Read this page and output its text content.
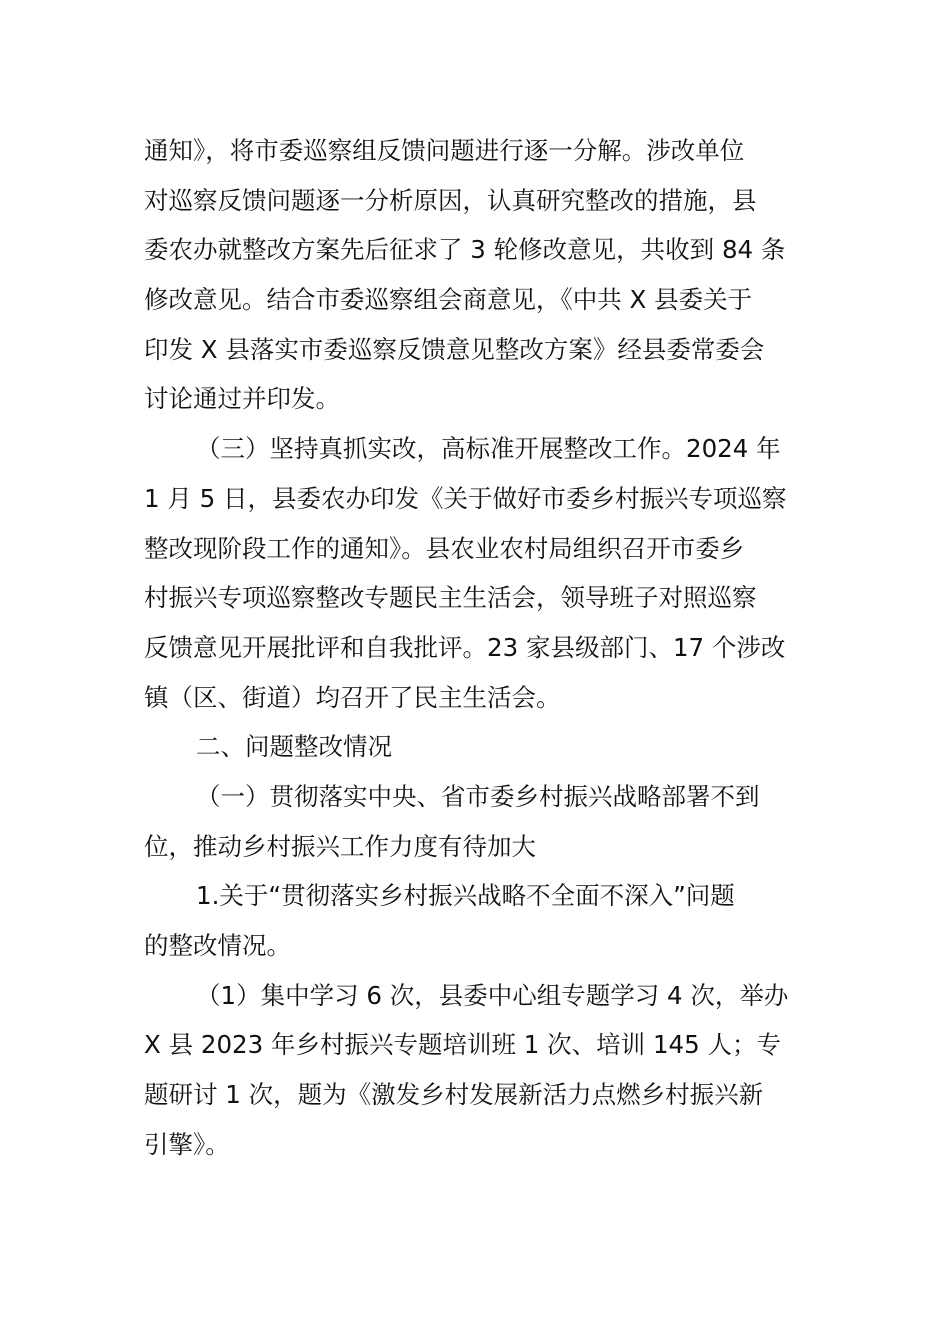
通知》，将市委巡察组反馈问题进行逐一分解。涉改单位
对巡察反馈问题逐一分析原因，认真研究整改的措施，县
委农办就整改方案先后征求了 3 轮修改意见，共收到 84 条
修改意见。结合市委巡察组会商意见，《中共 X 县委关于
印发 X 县落实市委巡察反馈意见整改方案》经县委常委会
讨论通过并印发。
（三）坚持真抓实改，高标准开展整改工作。2024 年
1 月 5 日，县委农办印发《关于做好市委乡村振兴专项巡察
整改现阶段工作的通知》。县农业农村局组织召开市委乡
村振兴专项巡察整改专题民主生活会，领导班子对照巡察
反馈意见开展批评和自我批评。23 家县级部门、17 个涉改
镇（区、街道）均召开了民主生活会。
二、问题整改情况
（一）贯彻落实中央、省市委乡村振兴战略部署不到
位，推动乡村振兴工作力度有待加大
1.关于“贯彻落实乡村振兴战略不全面不深入”问题
的整改情况。
（1）集中学习 6 次，县委中心组专题学习 4 次，举办
X 县 2023 年乡村振兴专题培训班 1 次、培训 145 人；专
题研讨 1 次，题为《激发乡村发展新活力点燃乡村振兴新
引擎》。
